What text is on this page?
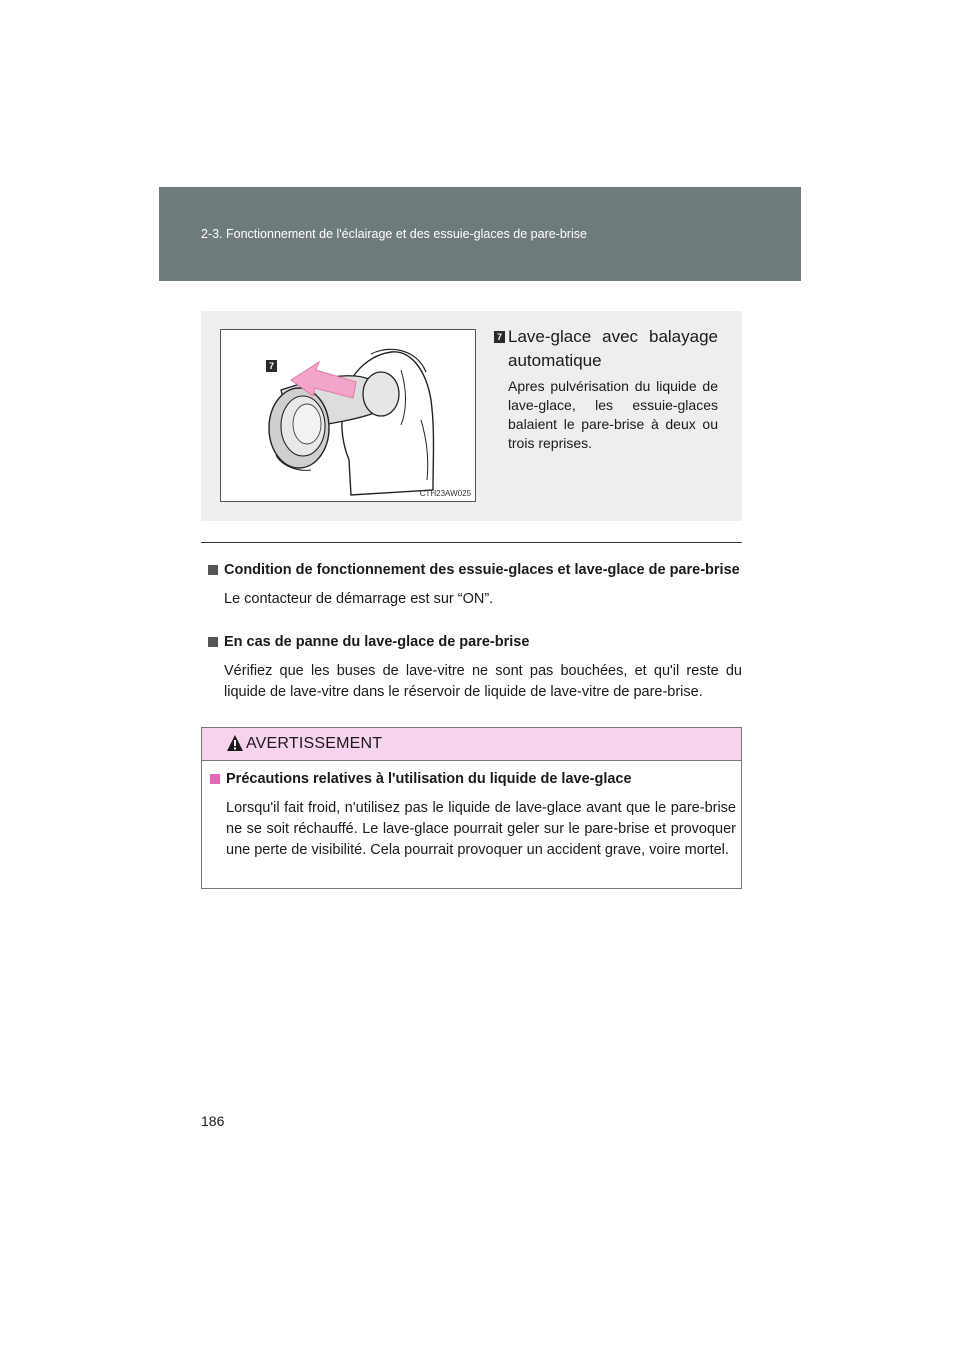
2-3. Fonctionnement de l'éclairage et des essuie-glaces de pare-brise
7
CTH23AW025
7 Lave-glace avec balayage automatique
Apres pulvérisation du liquide de lave-glace, les essuie-glaces balaient le pare-brise à deux ou trois reprises.
Condition de fonctionnement des essuie-glaces et lave-glace de pare-brise
Le contacteur de démarrage est sur “ON”.
En cas de panne du lave-glace de pare-brise
Vérifiez que les buses de lave-vitre ne sont pas bouchées, et qu'il reste du liquide de lave-vitre dans le réservoir de liquide de lave-vitre de pare-brise.
AVERTISSEMENT
Précautions relatives à l'utilisation du liquide de lave-glace
Lorsqu'il fait froid, n'utilisez pas le liquide de lave-glace avant que le pare-brise ne se soit réchauffé. Le lave-glace pourrait geler sur le pare-brise et provoquer une perte de visibilité. Cela pourrait provoquer un accident grave, voire mortel.
186
